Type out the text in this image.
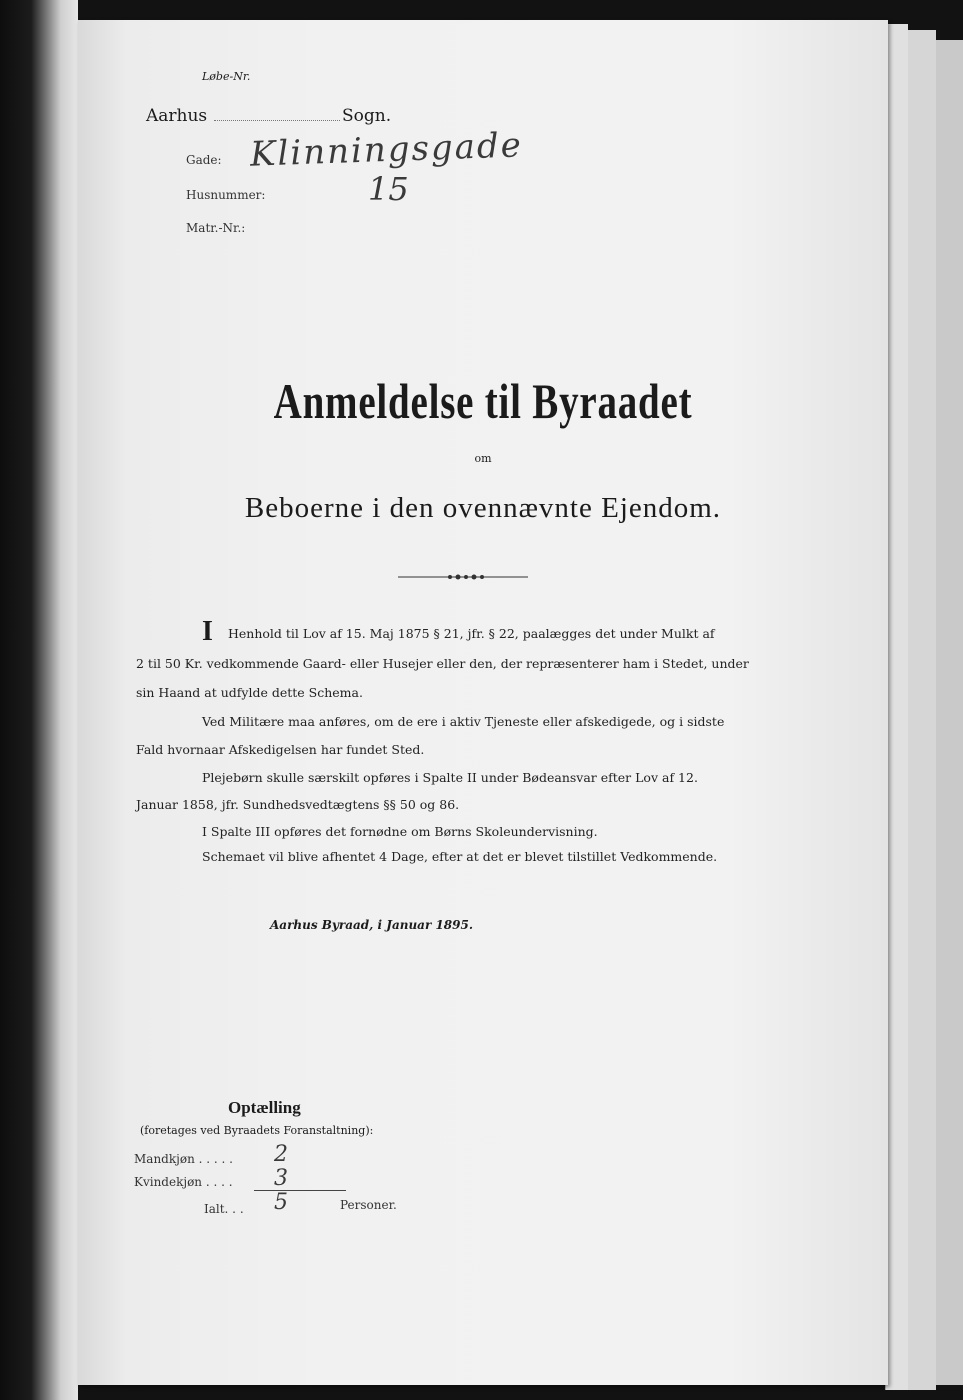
Løbe-Nr.
Aarhus	Sogn.
Gade: Klinningsgade
Husnummer:	15
Matr.-Nr.:
Anmeldelse til Byraadet
om
Beboerne i den ovennævnte Ejendom.
I Henhold til Lov af 15. Maj 1875 § 21, jfr. § 22, paalægges det under Mulkt af
2 til 50 Kr. vedkommende Gaard- eller Husejer eller den, der repræsenterer ham i Stedet, under
sin Haand at udfylde dette Schema.
Ved Militære maa anføres, om de ere i aktiv Tjeneste eller afskedigede, og i sidste
Fald hvornaar Afskedigelsen har fundet Sted.
Plejebørn skulle særskilt opføres i Spalte II under Bødeansvar efter Lov af 12.
Januar 1858, jfr. Sundhedsvedtægtens §§ 50 og 86.
I Spalte III opføres det fornødne om Børns Skoleundervisning.
Schemaet vil blive afhentet 4 Dage, efter at det er blevet tilstillet Vedkommende.
Aarhus Byraad, i Januar 1895.
Optælling
(foretages ved Byraadets Foranstaltning):
Mandkjøn . . . . . 2
Kvindekjøn . . . . 3
Ialt. . . 5	Personer.
